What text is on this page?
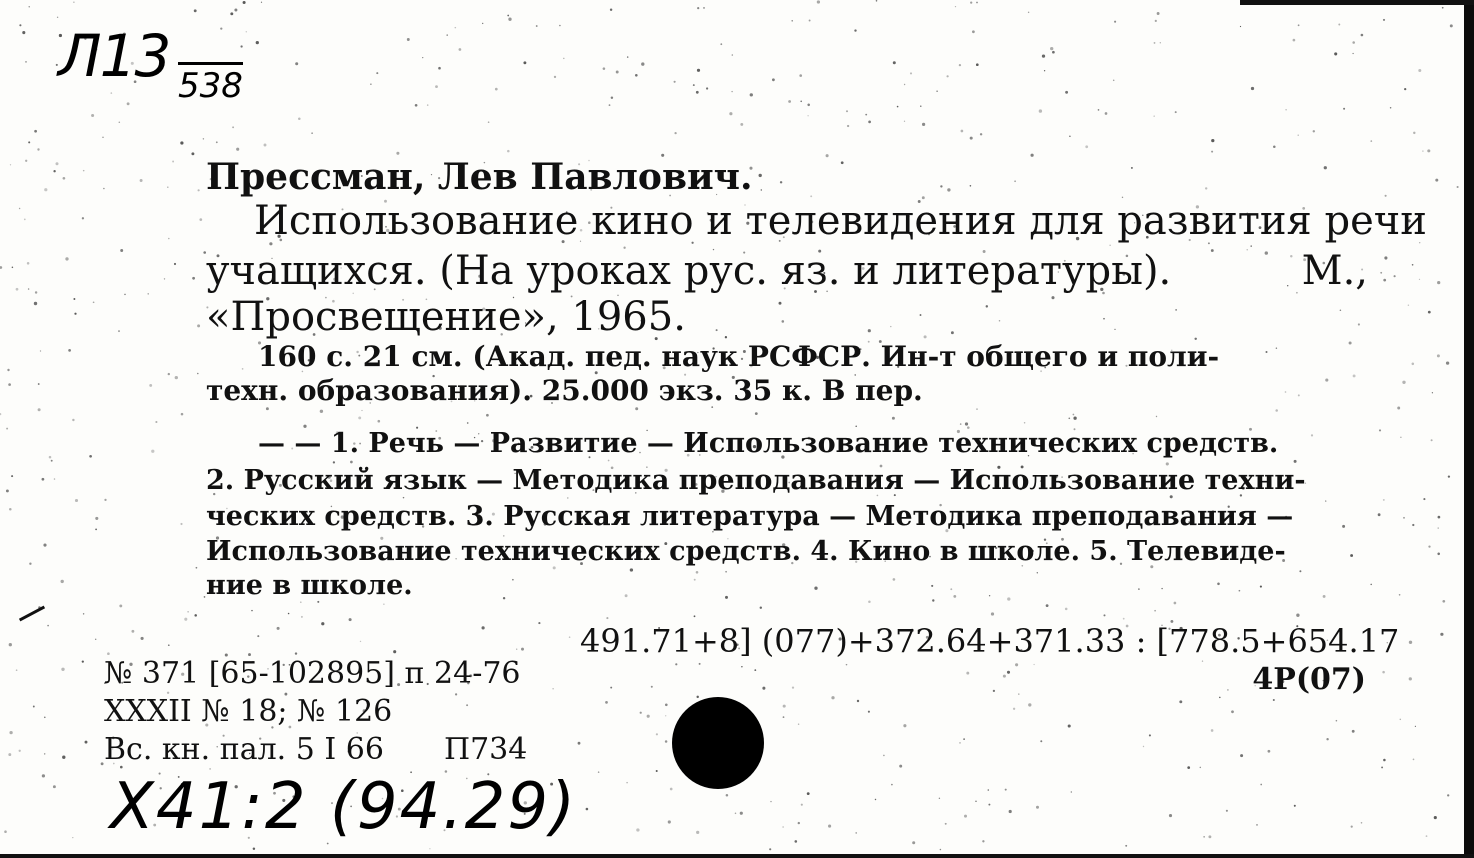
Л13 538
Прессман, Лев Павлович.
Использование кино и телевидения для развития речи
учащихся. (На уроках рус. яз. и литературы).	М.,
«Просвещение», 1965.
160 с. 21 см. (Акад. пед. наук РСФСР. Ин-т общего и поли-
техн. образования). 25.000 экз. 35 к. В пер.
— — 1. Речь — Развитие — Использование технических средств.
2. Русский язык — Методика преподавания — Использование техни-
ческих средств. 3. Русская литература — Методика преподавания —
Использование технических средств. 4. Кино в школе. 5. Телевиде-
ние в школе.
491.71+8] (077)+372.64+371.33 : [778.5+654.17
4Р(07)
№ 371 [65-102895] п 24-76
XXXII № 18; № 126
Вс. кн. пал. 5 I 66 П734
Х41:2 (94.29)
